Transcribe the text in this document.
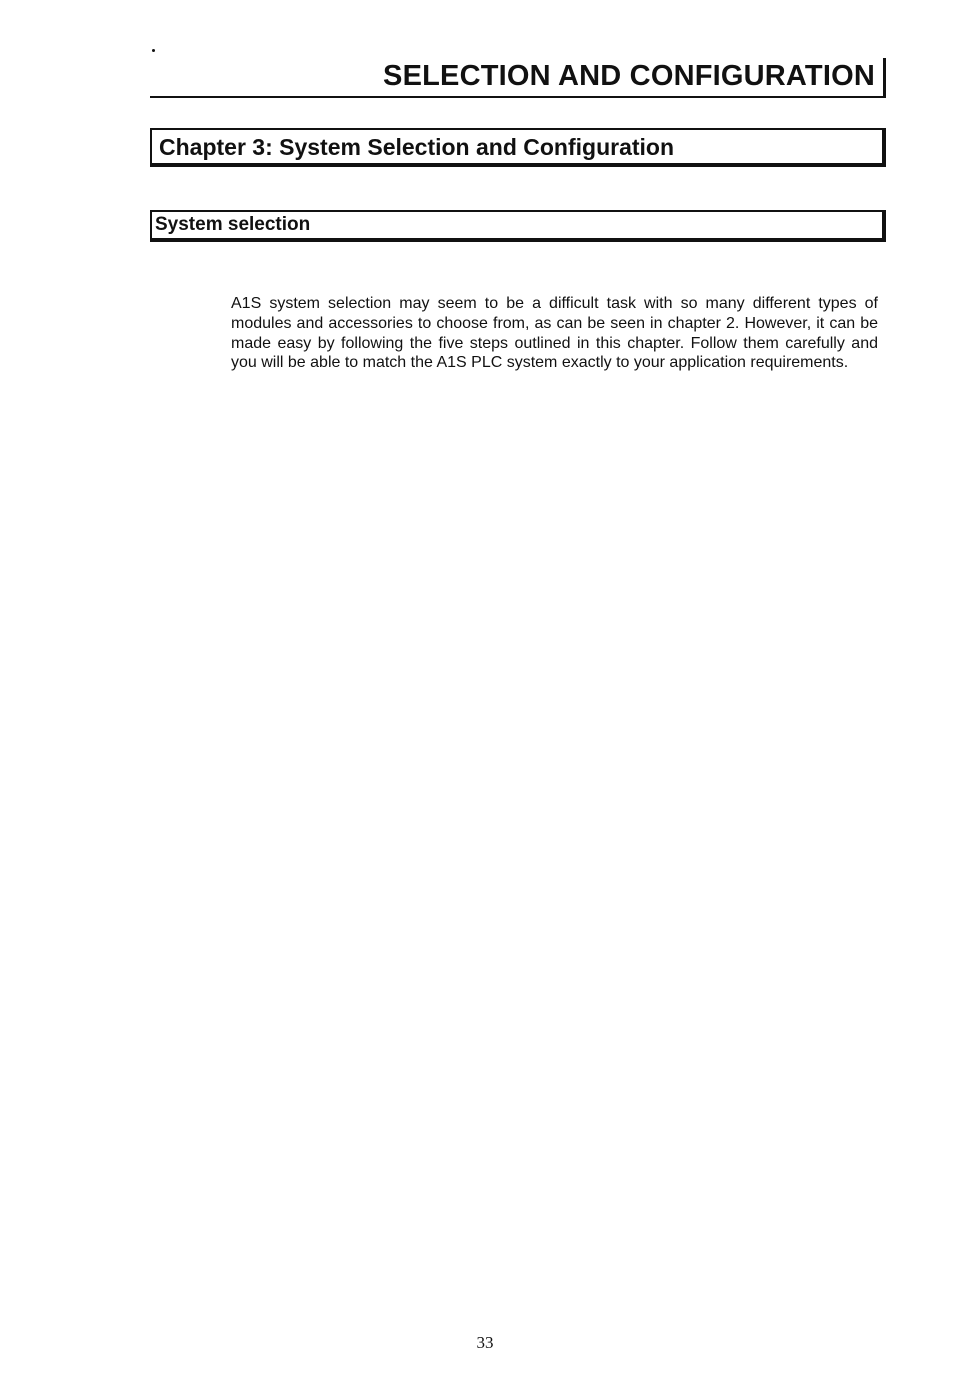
SELECTION AND CONFIGURATION
Chapter 3: System Selection and Configuration
System selection

A1S system selection may seem to be a difficult task with so many different types of modules and accessories to choose from, as can be seen in chapter 2. However, it can be made easy by following the five steps outlined in this chapter. Follow them carefully and you will be able to match the A1S PLC system exactly to your application requirements.

33
